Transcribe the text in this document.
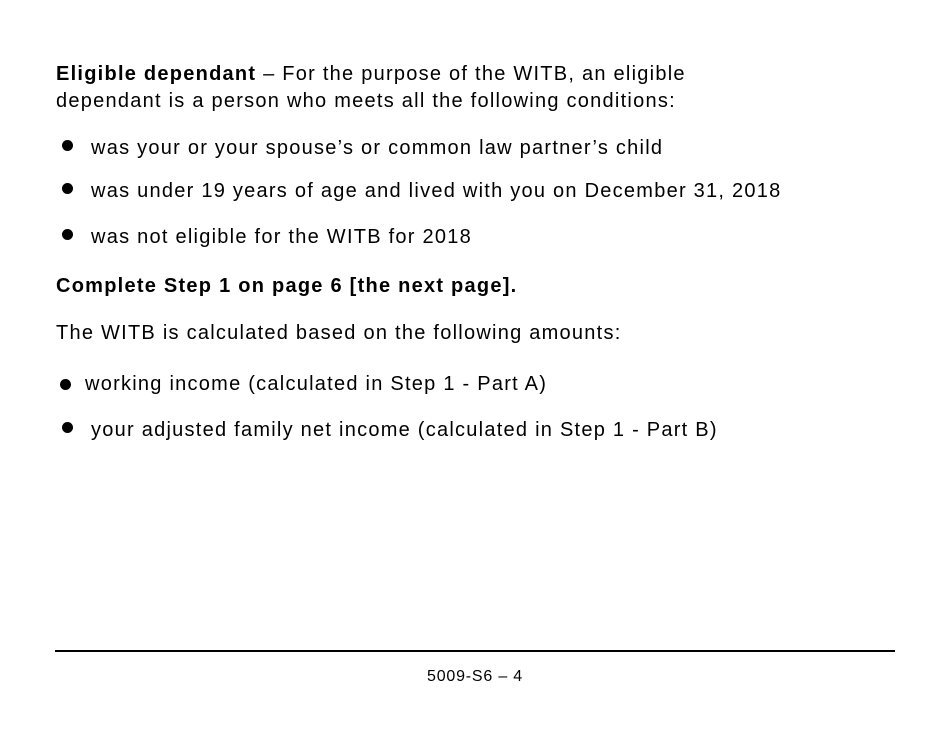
Eligible dependant – For the purpose of the WITB, an eligible
dependant is a person who meets all the following conditions:
was your or your spouse’s or common law partner’s child
was under 19 years of age and lived with you on December 31, 2018
was not eligible for the WITB for 2018
Complete Step 1 on page 6 [the next page].
The WITB is calculated based on the following amounts:
working income (calculated in Step 1 - Part A)
your adjusted family net income (calculated in Step 1 - Part B)
5009-S6 – 4
